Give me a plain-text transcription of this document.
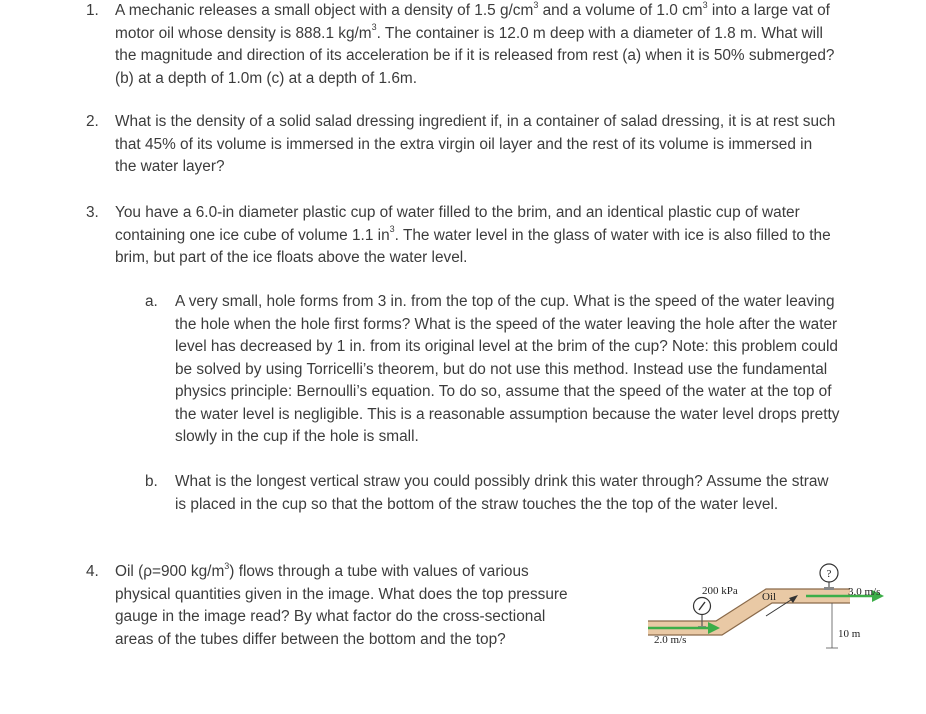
1. A mechanic releases a small object with a density of 1.5 $g/cm^3$ and a volume of 1.0 $cm^3$ into a large vat of
motor oil whose density is 888.1 $kg/m^3$. The container is 12.0 m deep with a diameter of 1.8 m. What will
the magnitude and direction of its acceleration be if it is released from rest (a) when it is 50% submerged?
(b) at a depth of 1.0m (c) at a depth of 1.6m.
2. What is the density of a solid salad dressing ingredient if, in a container of salad dressing, it is at rest such
that 45% of its volume is immersed in the extra virgin oil layer and the rest of its volume is immersed in
the water layer?
3. You have a 6.0-in diameter plastic cup of water filled to the brim, and an identical plastic cup of water
containing one ice cube of volume 1.1 $in^3$. The water level in the glass of water with ice is also filled to the
brim, but part of the ice floats above the water level.
a. A very small, hole forms from 3 in. from the top of the cup. What is the speed of the water leaving
the hole when the hole first forms? What is the speed of the water leaving the hole after the water
level has decreased by 1 in. from its original level at the brim of the cup? Note: this problem could
be solved by using Torricelli’s theorem, but do not use this method. Instead use the fundamental
physics principle: Bernoulli’s equation. To do so, assume that the speed of the water at the top of
the water level is negligible. This is a reasonable assumption because the water level drops pretty
slowly in the cup if the hole is small.
b. What is the longest vertical straw you could possibly drink this water through? Assume the straw
is placed in the cup so that the bottom of the straw touches the the top of the water level.
4. Oil (ρ=900 $kg/m^3$) flows through a tube with values of various
physical quantities given in the image. What does the top pressure
gauge in the image read? By what factor do the cross-sectional
areas of the tubes differ between the bottom and the top?
?
200 kPa Oil	3.0 m/s
2.0 m/s	10 m
